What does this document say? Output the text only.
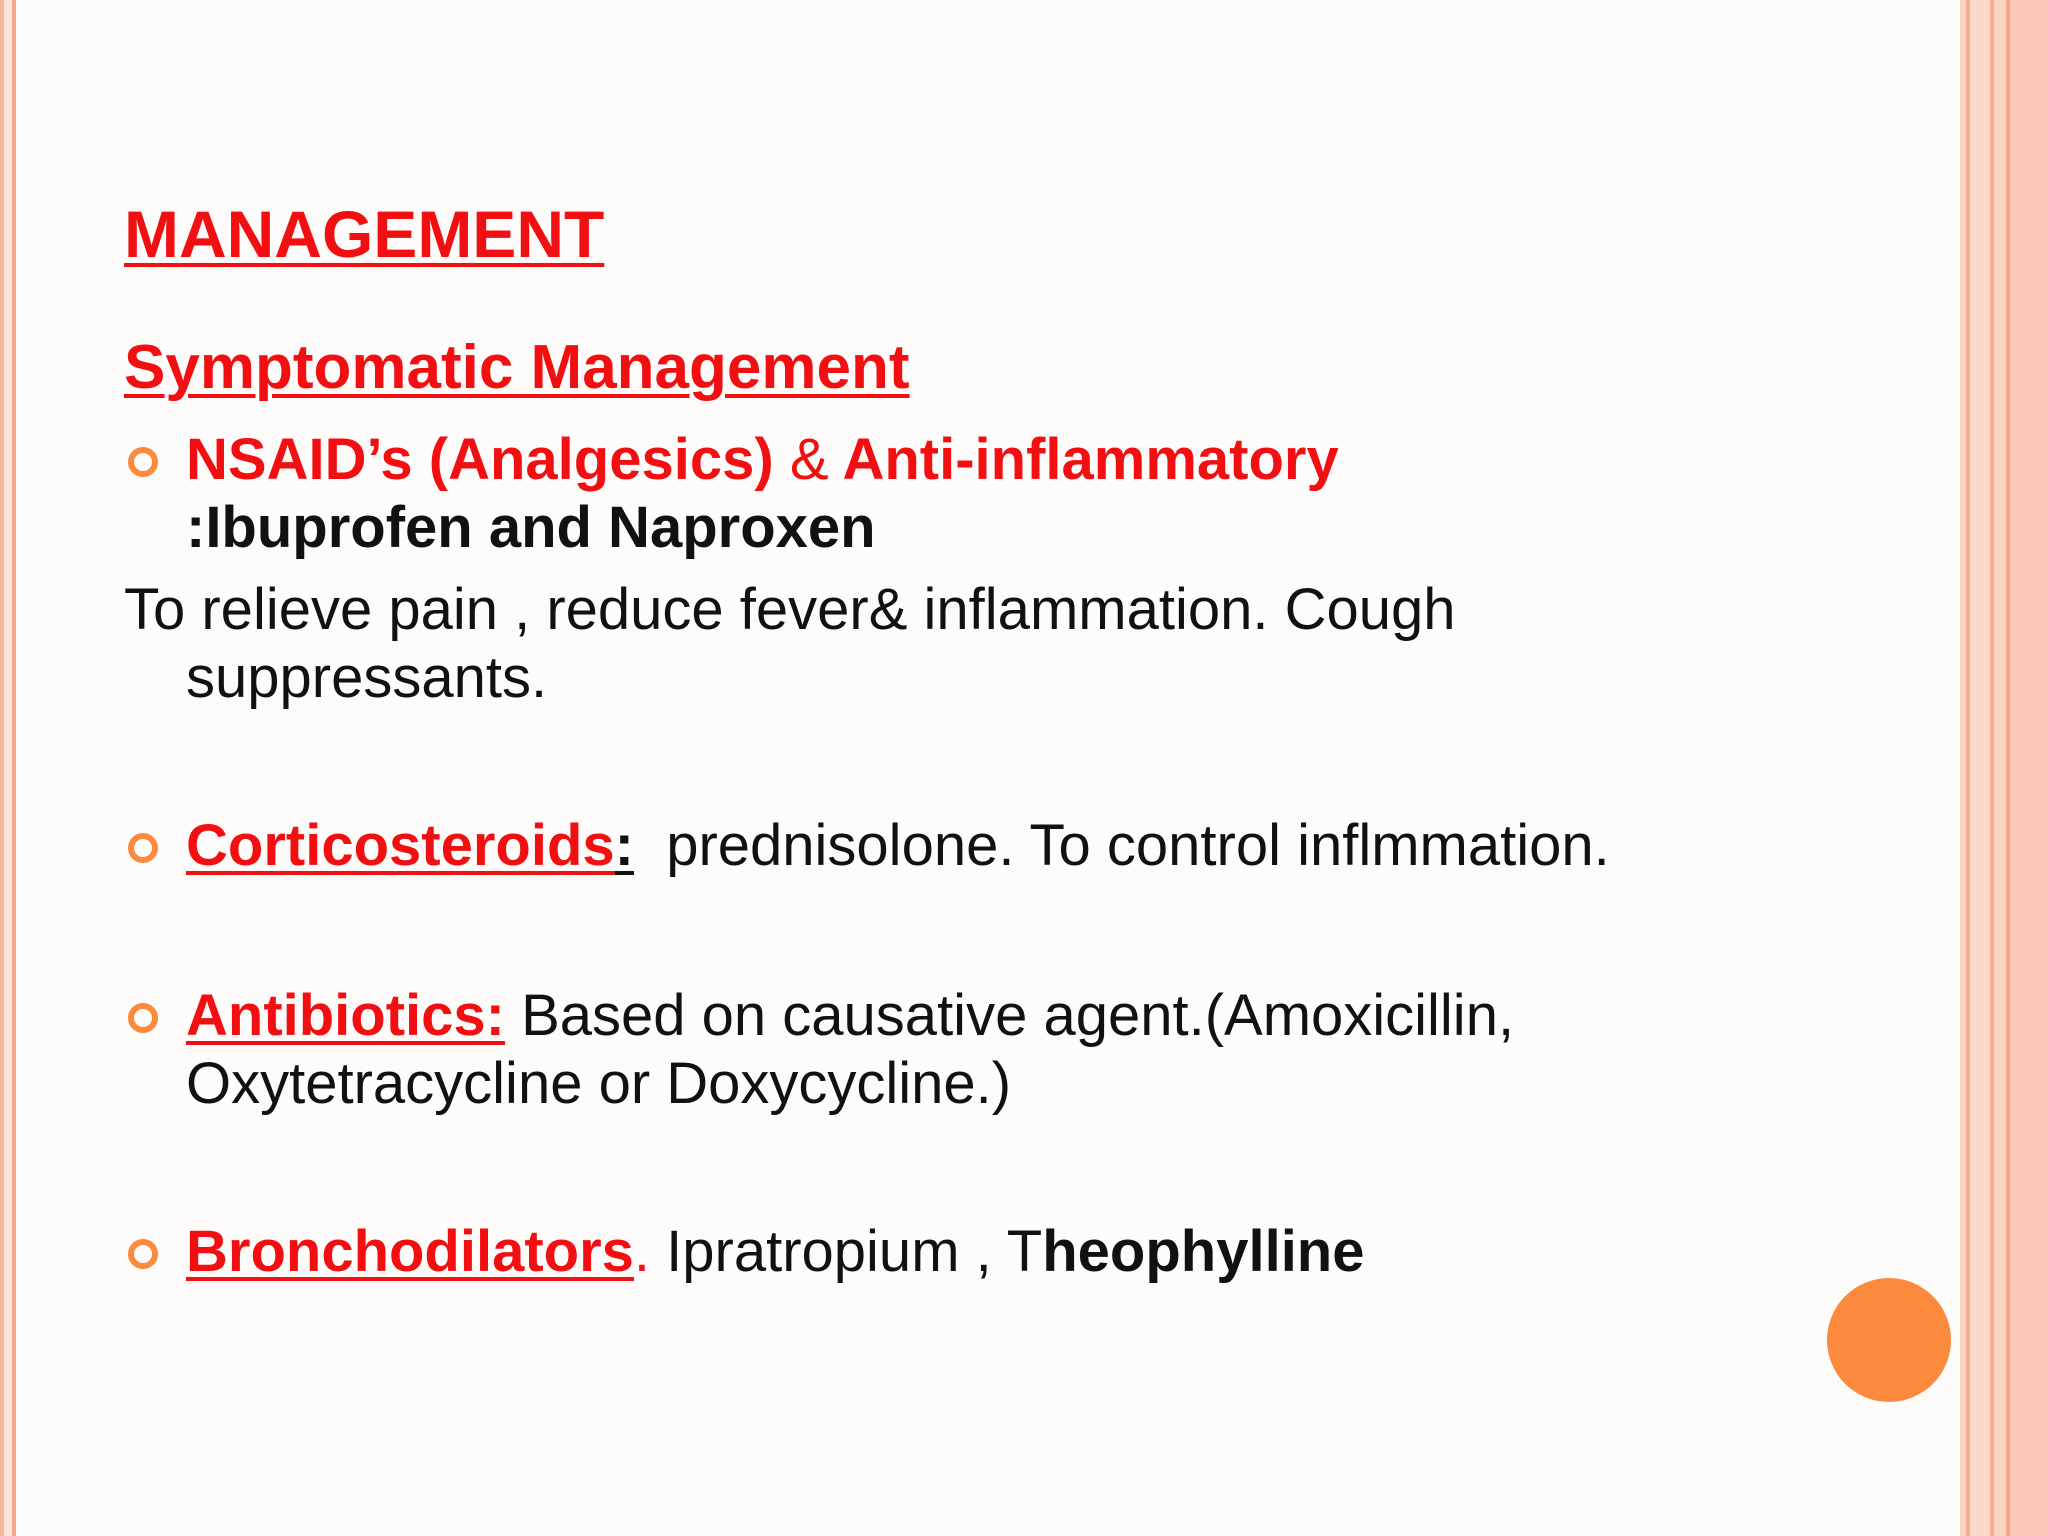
MANAGEMENT
Symptomatic Management
NSAID’s (Analgesics) & Anti-inflammatory
:Ibuprofen and Naproxen
To relieve pain , reduce fever& inflammation. Cough
suppressants.
Corticosteroids:  prednisolone. To control inflmmation.
Antibiotics: Based on causative agent.(Amoxicillin,
Oxytetracycline or Doxycycline.)
Bronchodilators. Ipratropium , Theophylline
